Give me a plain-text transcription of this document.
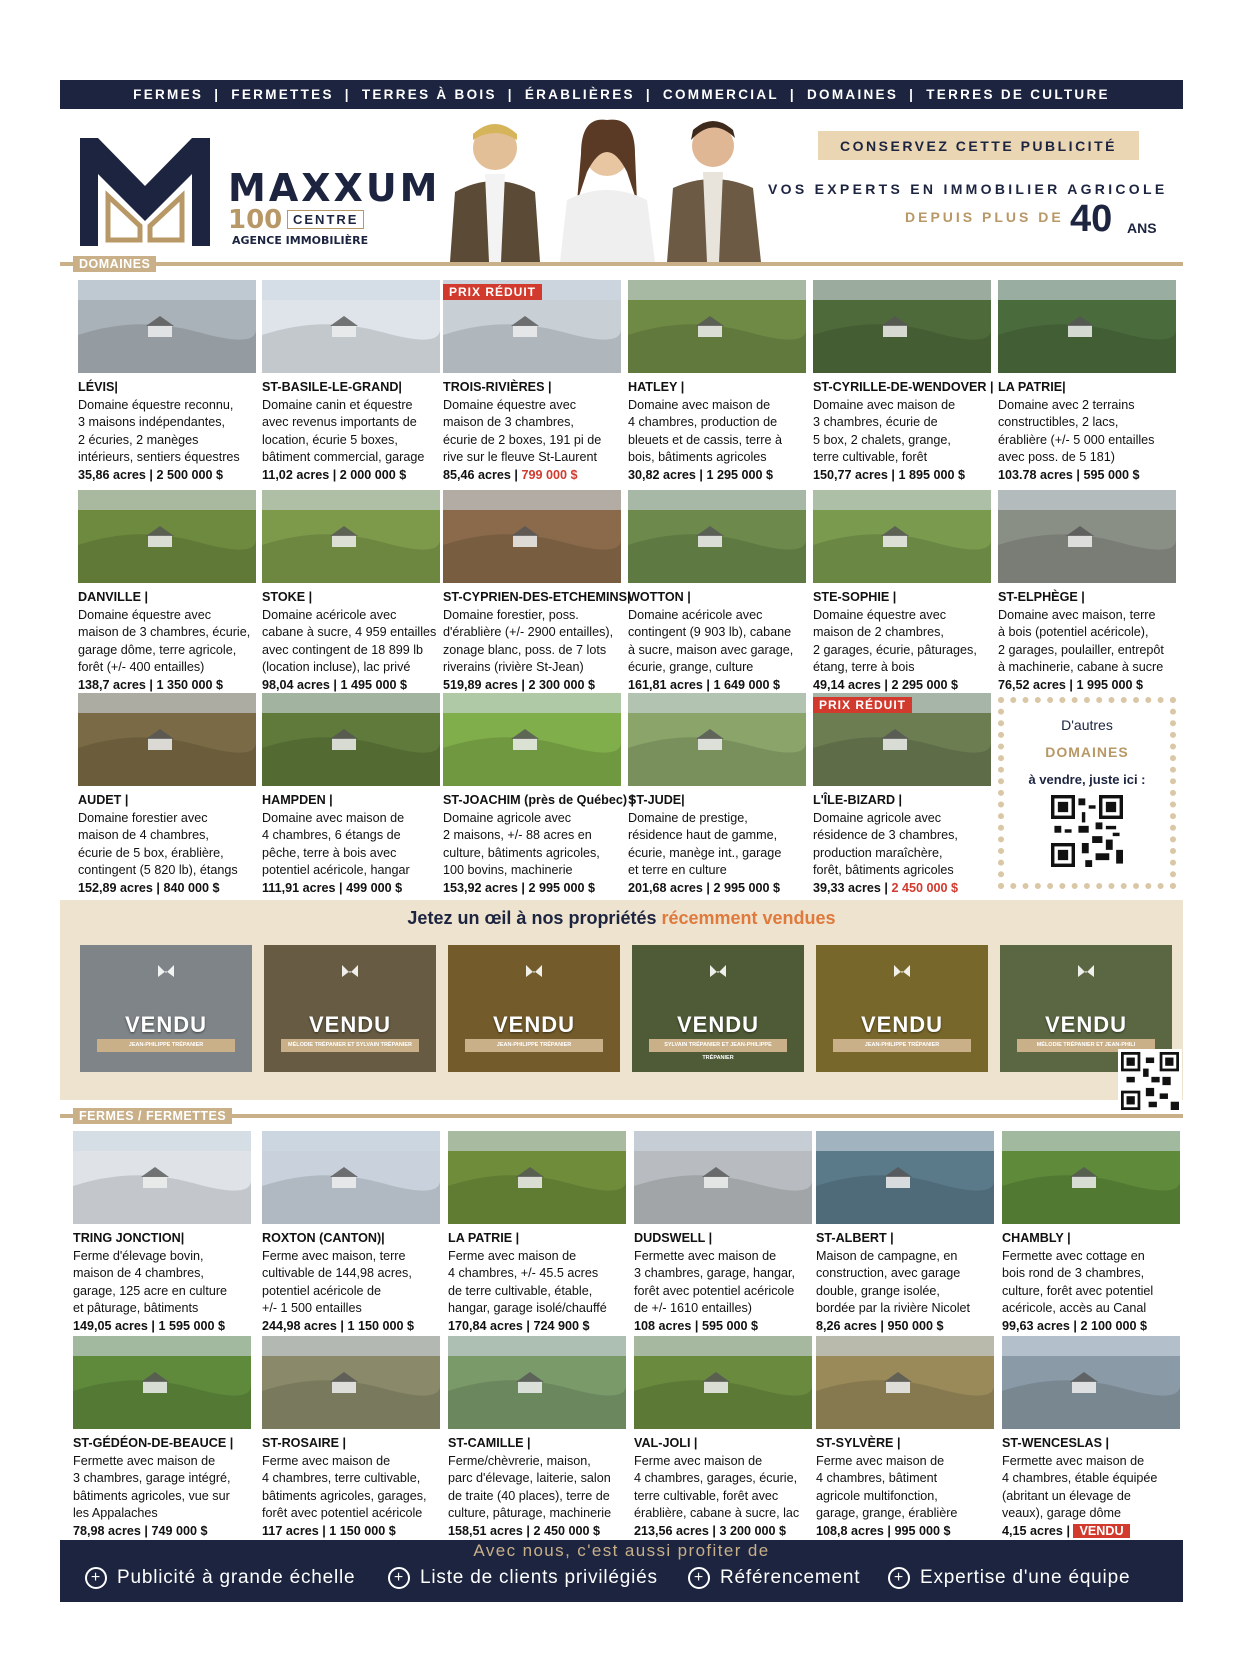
FERMES | FERMETTES | TERRES À BOIS | ÉRABLIÈRES | COMMERCIAL | DOMAINES | TERRES DE CULTURE
MAXXUM
100 CENTRE
AGENCE IMMOBILIÈRE
CONSERVEZ CETTE PUBLICITÉ
VOS EXPERTS EN IMMOBILIER AGRICOLE
DEPUIS PLUS DE 40 ANS
DOMAINES
LÉVIS|
Domaine équestre reconnu,
3 maisons indépendantes,
2 écuries, 2 manèges
intérieurs, sentiers équestres
35,86 acres | 2 500 000 $
ST-BASILE-LE-GRAND|
Domaine canin et équestre
avec revenus importants de
location, écurie 5 boxes,
bâtiment commercial, garage
11,02 acres | 2 000 000 $
PRIX RÉDUIT
TROIS-RIVIÈRES |
Domaine équestre avec
maison de 3 chambres,
écurie de 2 boxes, 191 pi de
rive sur le fleuve St-Laurent
85,46 acres | 799 000 $
HATLEY |
Domaine avec maison de
4 chambres, production de
bleuets et de cassis, terre à
bois, bâtiments agricoles
30,82 acres | 1 295 000 $
ST-CYRILLE-DE-WENDOVER |
Domaine avec maison de
3 chambres, écurie de
5 box, 2 chalets, grange,
terre cultivable, forêt
150,77 acres | 1 895 000 $
LA PATRIE|
Domaine avec 2 terrains
constructibles, 2 lacs,
érablière (+/- 5 000 entailles
avec poss. de 5 181)
103.78 acres | 595 000 $
DANVILLE |
Domaine équestre avec
maison de 3 chambres, écurie,
garage dôme, terre agricole,
forêt (+/- 400 entailles)
138,7 acres | 1 350 000 $
STOKE |
Domaine acéricole avec
cabane à sucre, 4 959 entailles
avec contingent de 18 899 lb
(location incluse), lac privé
98,04 acres | 1 495 000 $
ST-CYPRIEN-DES-ETCHEMINS|
Domaine forestier, poss.
d'érablière (+/- 2900 entailles),
zonage blanc, poss. de 7 lots
riverains (rivière St-Jean)
519,89 acres | 2 300 000 $
WOTTON |
Domaine acéricole avec
contingent (9 903 lb), cabane
à sucre, maison avec garage,
écurie, grange, culture
161,81 acres | 1 649 000 $
STE-SOPHIE |
Domaine équestre avec
maison de 2 chambres,
2 garages, écurie, pâturages,
étang, terre à bois
49,14 acres | 2 295 000 $
ST-ELPHÈGE |
Domaine avec maison, terre
à bois (potentiel acéricole),
2 garages, poulailler, entrepôt
à machinerie, cabane à sucre
76,52 acres | 1 995 000 $
AUDET |
Domaine forestier avec
maison de 4 chambres,
écurie de 5 box, érablière,
contingent (5 820 lb), étangs
152,89 acres | 840 000 $
HAMPDEN |
Domaine avec maison de
4 chambres, 6 étangs de
pêche, terre à bois avec
potentiel acéricole, hangar
111,91 acres | 499 000 $
ST-JOACHIM (près de Québec) |
Domaine agricole avec
2 maisons, +/- 88 acres en
culture, bâtiments agricoles,
100 bovins, machinerie
153,92 acres | 2 995 000 $
ST-JUDE|
Domaine de prestige,
résidence haut de gamme,
écurie, manège int., garage
et terre en culture
201,68 acres | 2 995 000 $
PRIX RÉDUIT
L'ÎLE-BIZARD |
Domaine agricole avec
résidence de 3 chambres,
production maraîchère,
forêt, bâtiments agricoles
39,33 acres | 2 450 000 $
D'autres
DOMAINES
à vendre, juste ici :
Jetez un œil à nos propriétés récemment vendues
VENDU
JEAN-PHILIPPE TRÉPANIER
VENDU
MÉLODIE TRÉPANIER ET SYLVAIN TRÉPANIER
VENDU
JEAN-PHILIPPE TRÉPANIER
VENDU
SYLVAIN TRÉPANIER ET JEAN-PHILIPPE TRÉPANIER
VENDU
JEAN-PHILIPPE TRÉPANIER
VENDU
MÉLODIE TRÉPANIER ET JEAN-PHILI
FERMES / FERMETTES
TRING JONCTION|
Ferme d'élevage bovin,
maison de 4 chambres,
garage, 125 acre en culture
et pâturage, bâtiments
149,05 acres | 1 595 000 $
ROXTON (CANTON)|
Ferme avec maison, terre
cultivable de 144,98 acres,
potentiel acéricole de
+/- 1 500 entailles
244,98 acres | 1 150 000 $
LA PATRIE |
Ferme avec maison de
4 chambres, +/- 45.5 acres
de terre cultivable, étable,
hangar, garage isolé/chauffé
170,84 acres | 724 900 $
DUDSWELL |
Fermette avec maison de
3 chambres, garage, hangar,
forêt avec potentiel acéricole
de +/- 1610 entailles)
108 acres | 595 000 $
ST-ALBERT |
Maison de campagne, en
construction, avec garage
double, grange isolée,
bordée par la rivière Nicolet
8,26 acres | 950 000 $
CHAMBLY |
Fermette avec cottage en
bois rond de 3 chambres,
culture, forêt avec potentiel
acéricole, accès au Canal
99,63 acres | 2 100 000 $
ST-GÉDÉON-DE-BEAUCE |
Fermette avec maison de
3 chambres, garage intégré,
bâtiments agricoles, vue sur
les Appalaches
78,98 acres | 749 000 $
ST-ROSAIRE |
Ferme avec maison de
4 chambres, terre cultivable,
bâtiments agricoles, garages,
forêt avec potentiel acéricole
117 acres | 1 150 000 $
ST-CAMILLE |
Ferme/chèvrerie, maison,
parc d'élevage, laiterie, salon
de traite (40 places), terre de
culture, pâturage, machinerie
158,51 acres | 2 450 000 $
VAL-JOLI |
Ferme avec maison de
4 chambres, garages, écurie,
terre cultivable, forêt avec
érablière, cabane à sucre, lac
213,56 acres | 3 200 000 $
ST-SYLVÈRE |
Ferme avec maison de
4 chambres, bâtiment
agricole multifonction,
garage, grange, érablière
108,8 acres | 995 000 $
ST-WENCESLAS |
Fermette avec maison de
4 chambres, étable équipée
(abritant un élevage de
veaux), garage dôme
4,15 acres | VENDU
Avec nous, c'est aussi profiter de
+ Publicité à grande échelle	+ Liste de clients privilégiés	+ Référencement	+ Expertise d'une équipe
